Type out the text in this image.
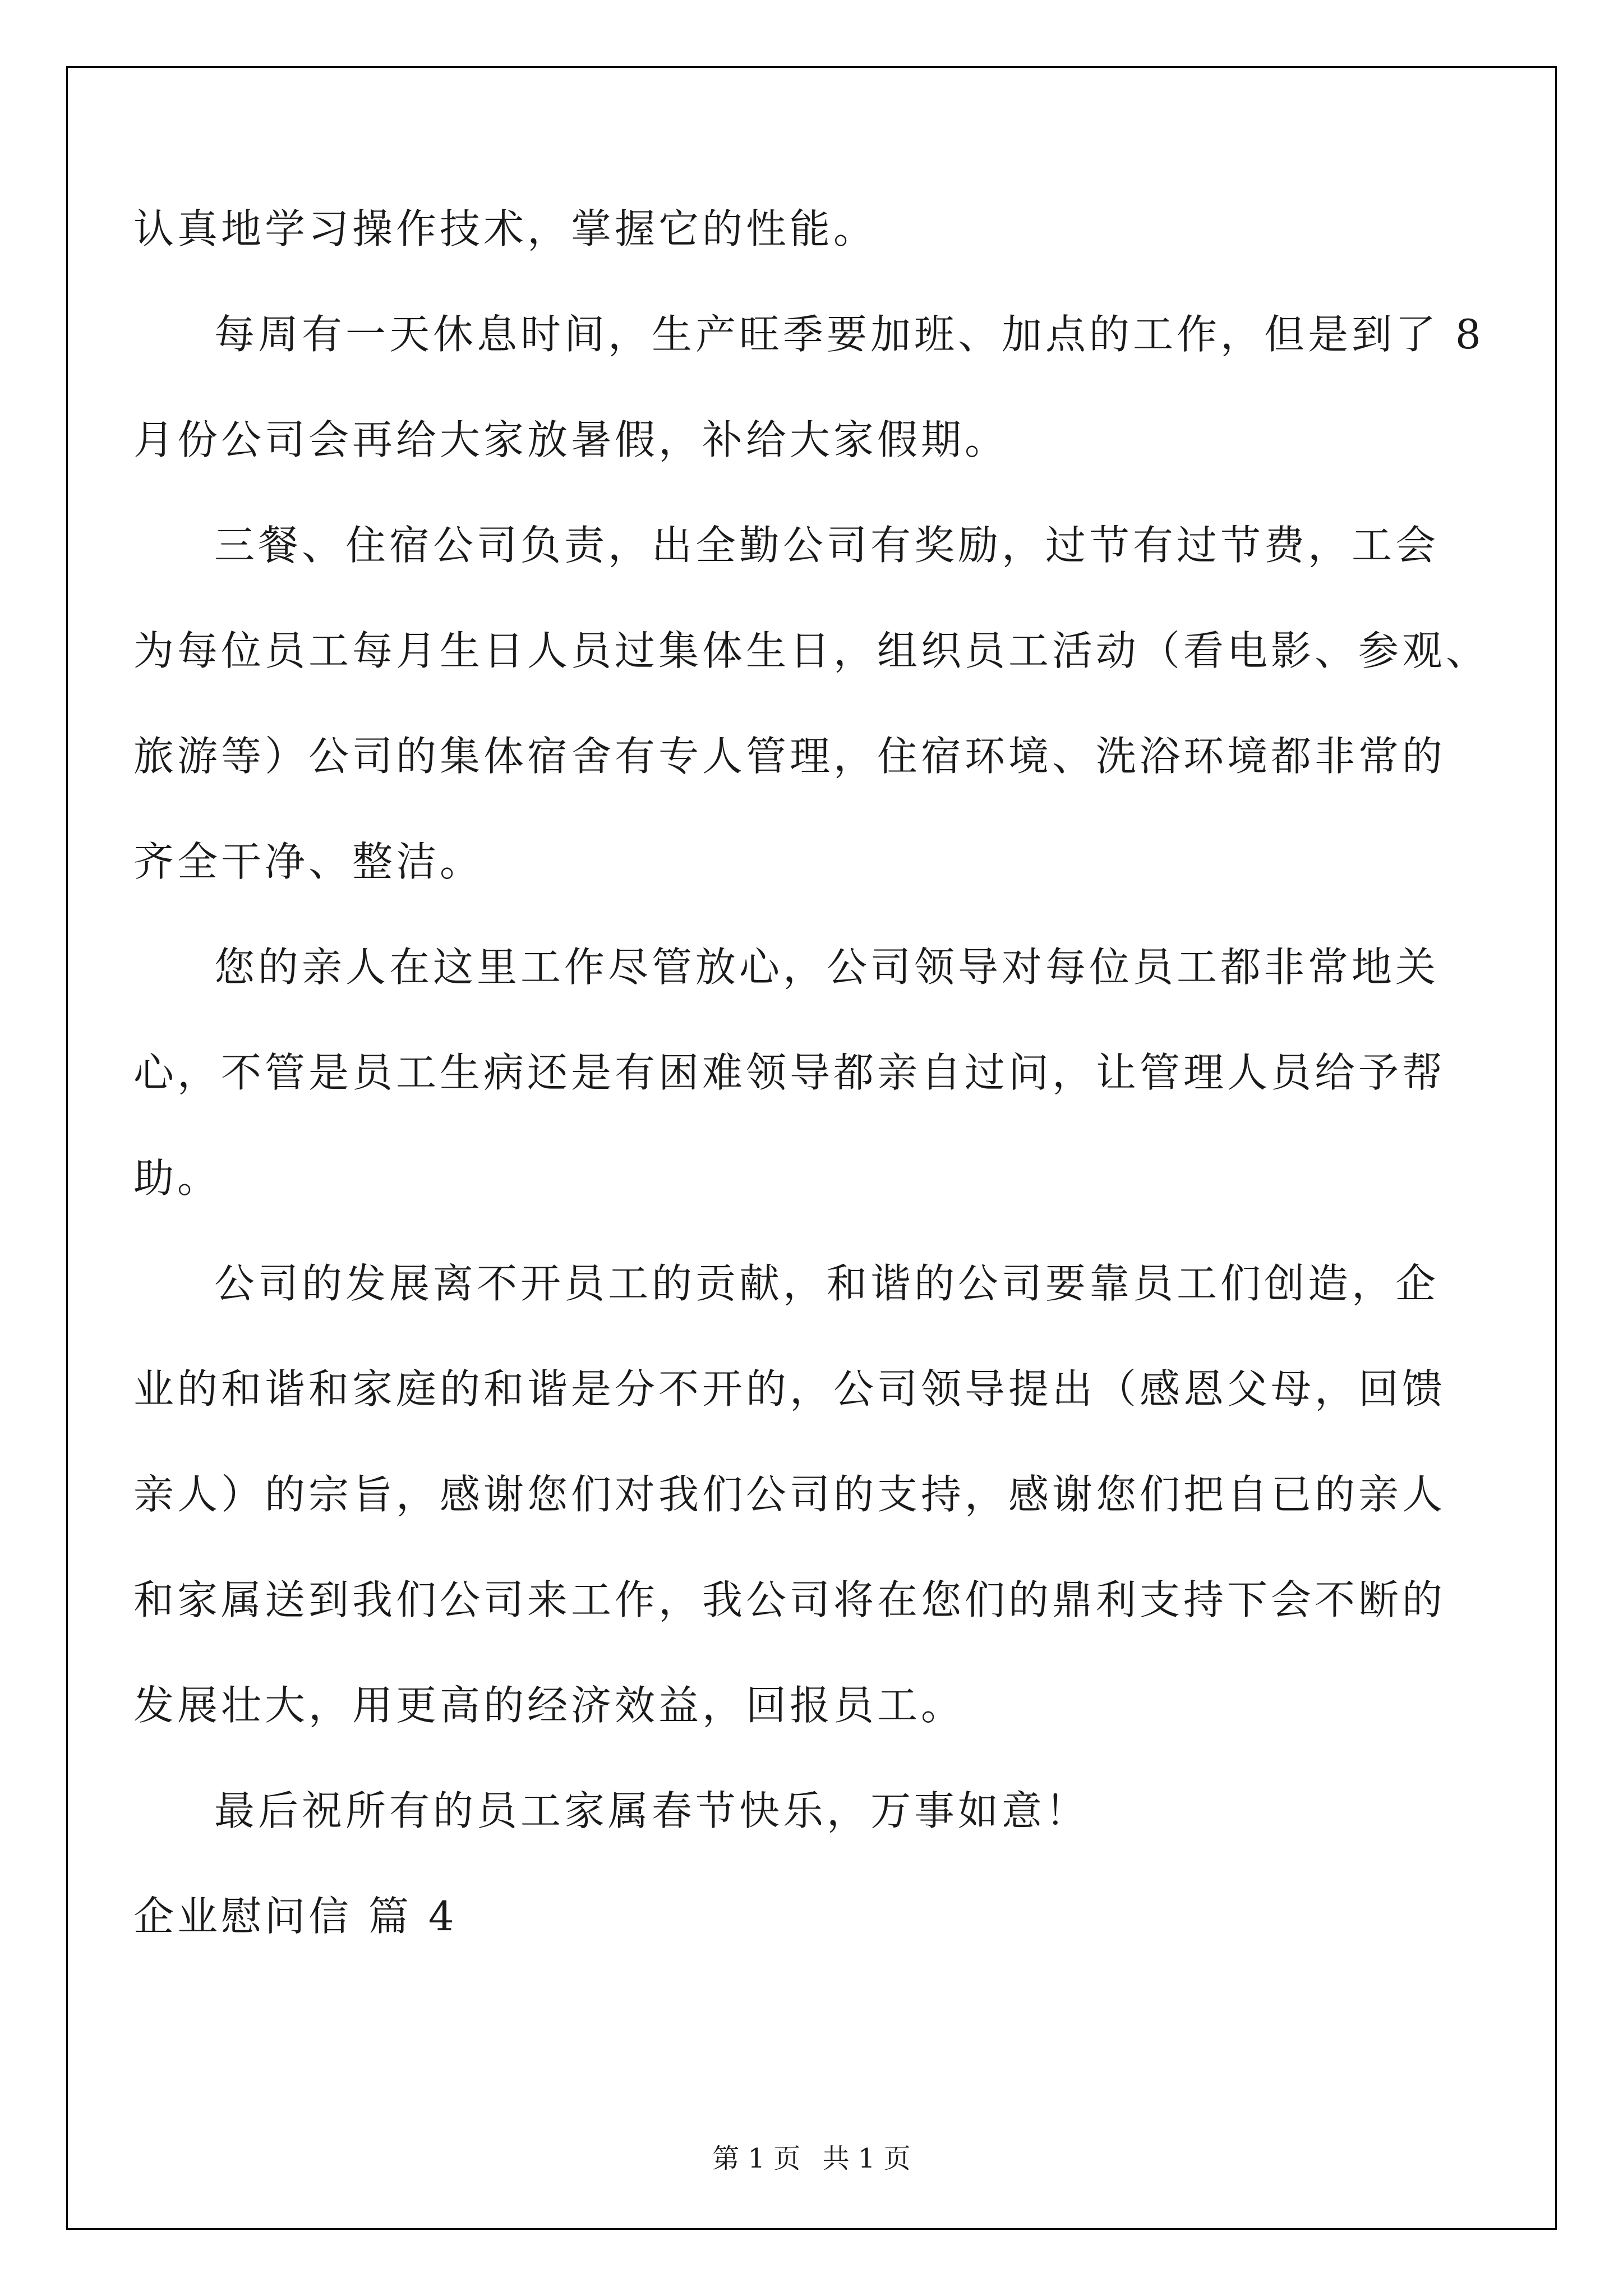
认真地学习操作技术，掌握它的性能。
每周有一天休息时间，生产旺季要加班、加点的工作，但是到了 8
月份公司会再给大家放暑假，补给大家假期。
三餐、住宿公司负责，出全勤公司有奖励，过节有过节费，工会
为每位员工每月生日人员过集体生日，组织员工活动（看电影、参观、
旅游等）公司的集体宿舍有专人管理，住宿环境、洗浴环境都非常的
齐全干净、整洁。
您的亲人在这里工作尽管放心，公司领导对每位员工都非常地关
心，不管是员工生病还是有困难领导都亲自过问，让管理人员给予帮
助。
公司的发展离不开员工的贡献，和谐的公司要靠员工们创造，企
业的和谐和家庭的和谐是分不开的，公司领导提出（感恩父母，回馈
亲人）的宗旨，感谢您们对我们公司的支持，感谢您们把自已的亲人
和家属送到我们公司来工作，我公司将在您们的鼎利支持下会不断的
发展壮大，用更高的经济效益，回报员工。
最后祝所有的员工家属春节快乐，万事如意！
企业慰问信 篇 4
第 1 页 共 1 页
